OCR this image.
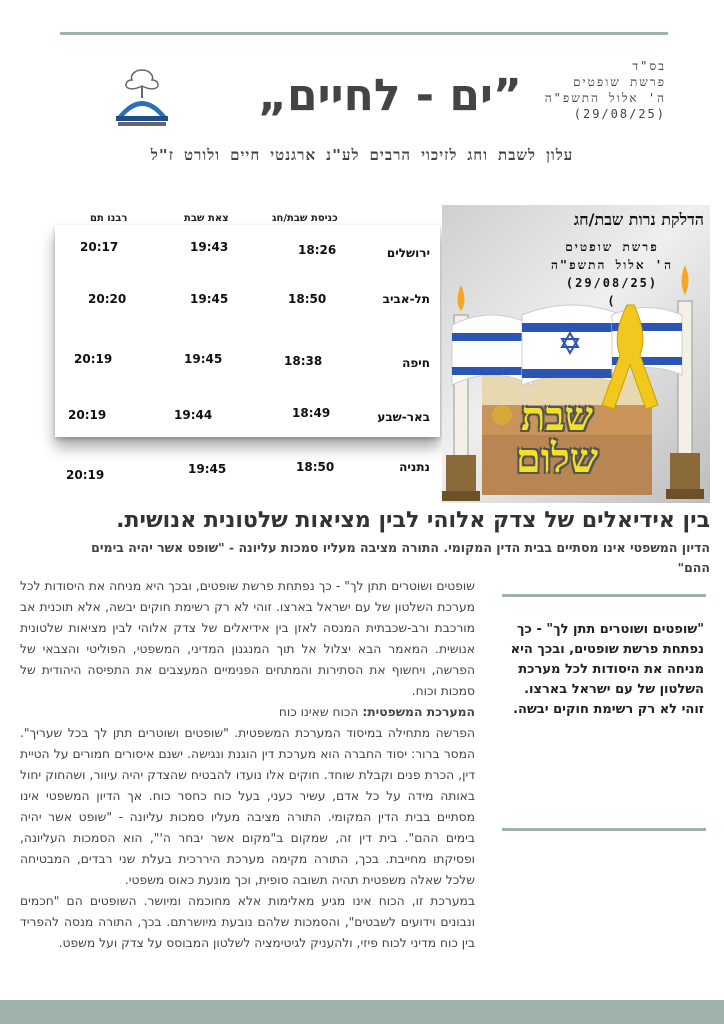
בס"ד
פרשת שופטים
ה' אלול התשפ"ה
(29/08/25)
”ים - לחיים„
עלון לשבת וחג לזיכוי הרבים לע"נ ארגנטי חיים ולורט ז"ל
כניסת שבת/חג
צאת שבת
רבנו תם
ירושלים
18:26
19:43
20:17
תל-אביב
18:50
19:45
20:20
חיפה
18:38
19:45
20:19
באר-שבע
18:49
19:44
20:19
נתניה
18:50
19:45
20:19
הדלקת נרות שבת/חג
פרשת שופטים
ה' אלול התשפ"ה
(29/08/25)
)
שבת
שלום
בין אידיאלים של צדק אלוהי לבין מציאות שלטונית אנושית.
הדיון המשפטי אינו מסתיים בבית הדין המקומי. התורה מציבה מעליו סמכות עליונה - "שופט אשר יהיה בימים ההם"

שופטים ושוטרים תתן לך" - כך נפתחת פרשת שופטים, ובכך היא מניחה את היסודות לכל מערכת השלטון של עם ישראל בארצו. זוהי לא רק רשימת חוקים יבשה, אלא תוכנית אב מורכבת ורב-שכבתית המנסה לאזן בין אידיאלים של צדק אלוהי לבין מציאות שלטונית אנושית. המאמר הבא יצלול אל תוך המנגנון המדיני, המשפטי, הפוליטי והצבאי של הפרשה, ויחשוף את הסתירות והמתחים הפנימיים המעצבים את התפיסה היהודית של סמכות וכוח.

המערכת המשפטית: הכוח שאינו כוח

הפרשה מתחילה במיסוד המערכת המשפטית. "שופטים ושוטרים תתן לך בכל שעריך". המסר ברור: יסוד החברה הוא מערכת דין הוגנת ונגישה. ישנם איסורים חמורים על הטיית דין, הכרת פנים וקבלת שוחד. חוקים אלו נועדו להבטיח שהצדק יהיה עיוור, ושהחוק יחול באותה מידה על כל אדם, עשיר כעני, בעל כוח כחסר כוח. אך הדיון המשפטי אינו מסתיים בבית הדין המקומי. התורה מציבה מעליו סמכות עליונה - "שופט אשר יהיה בימים ההם". בית דין זה, שמקום ב"מקום אשר יבחר ה'", הוא הסמכות העליונה, ופסיקתו מחייבת. בכך, התורה מקימה מערכת היררכית בעלת שני רבדים, המבטיחה שלכל שאלה משפטית תהיה תשובה סופית, וכך מונעת כאוס משפטי.

במערכת זו, הכוח אינו מגיע מאלימות אלא מחוכמה ומיושר. השופטים הם "חכמים ונבונים וידועים לשבטים", והסמכות שלהם נובעת מיושרתם. בכך, התורה מנסה להפריד בין כוח מדיני לכוח פיזי, ולהעניק לגיטימציה לשלטון המבוסס על צדק ועל משפט.

"שופטים ושוטרים תתן לך" - כך נפתחת פרשת שופטים, ובכך היא מניחה את היסודות לכל מערכת השלטון של עם ישראל בארצו. זוהי לא רק רשימת חוקים יבשה.
